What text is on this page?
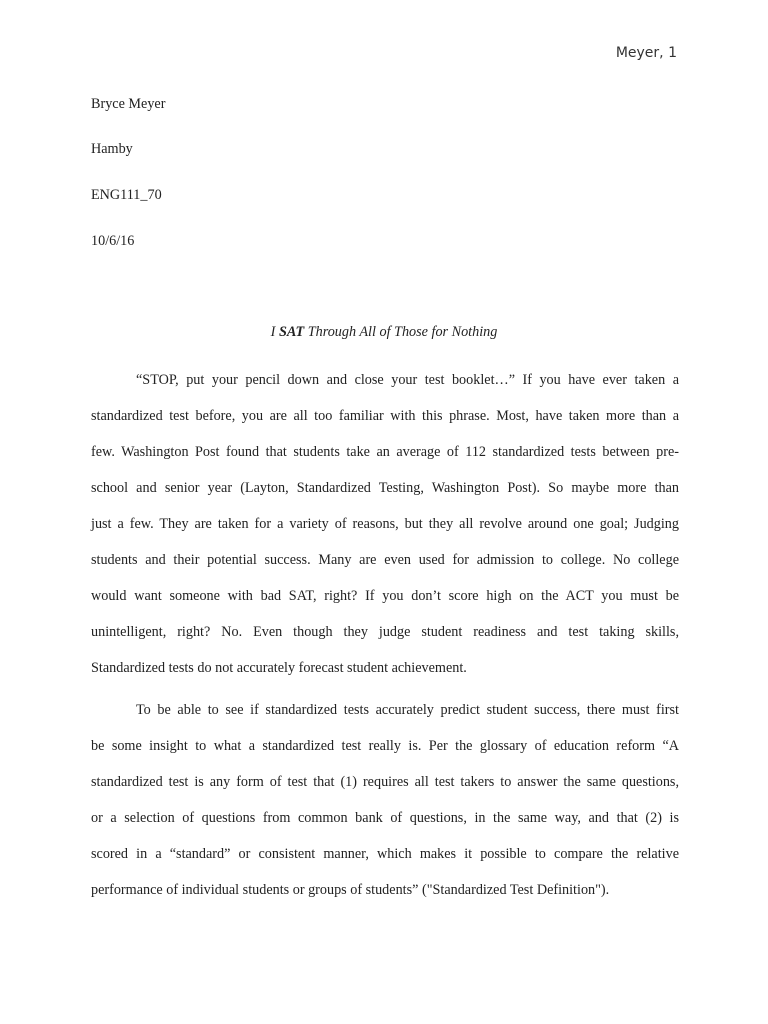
Meyer, 1
Bryce Meyer
Hamby
ENG111_70
10/6/16
I SAT Through All of Those for Nothing
“STOP, put your pencil down and close your test booklet…” If you have ever taken a
standardized test before, you are all too familiar with this phrase. Most, have taken more than a
few. Washington Post found that students take an average of 112 standardized tests between pre-
school and senior year (Layton, Standardized Testing, Washington Post). So maybe more than
just a few. They are taken for a variety of reasons, but they all revolve around one goal; Judging
students and their potential success. Many are even used for admission to college. No college
would want someone with bad SAT, right? If you don’t score high on the ACT you must be
unintelligent, right? No. Even though they judge student readiness and test taking skills,
Standardized tests do not accurately forecast student achievement.
To be able to see if standardized tests accurately predict student success, there must first
be some insight to what a standardized test really is. Per the glossary of education reform “A
standardized test is any form of test that (1) requires all test takers to answer the same questions,
or a selection of questions from common bank of questions, in the same way, and that (2) is
scored in a “standard” or consistent manner, which makes it possible to compare the relative
performance of individual students or groups of students” ("Standardized Test Definition").
